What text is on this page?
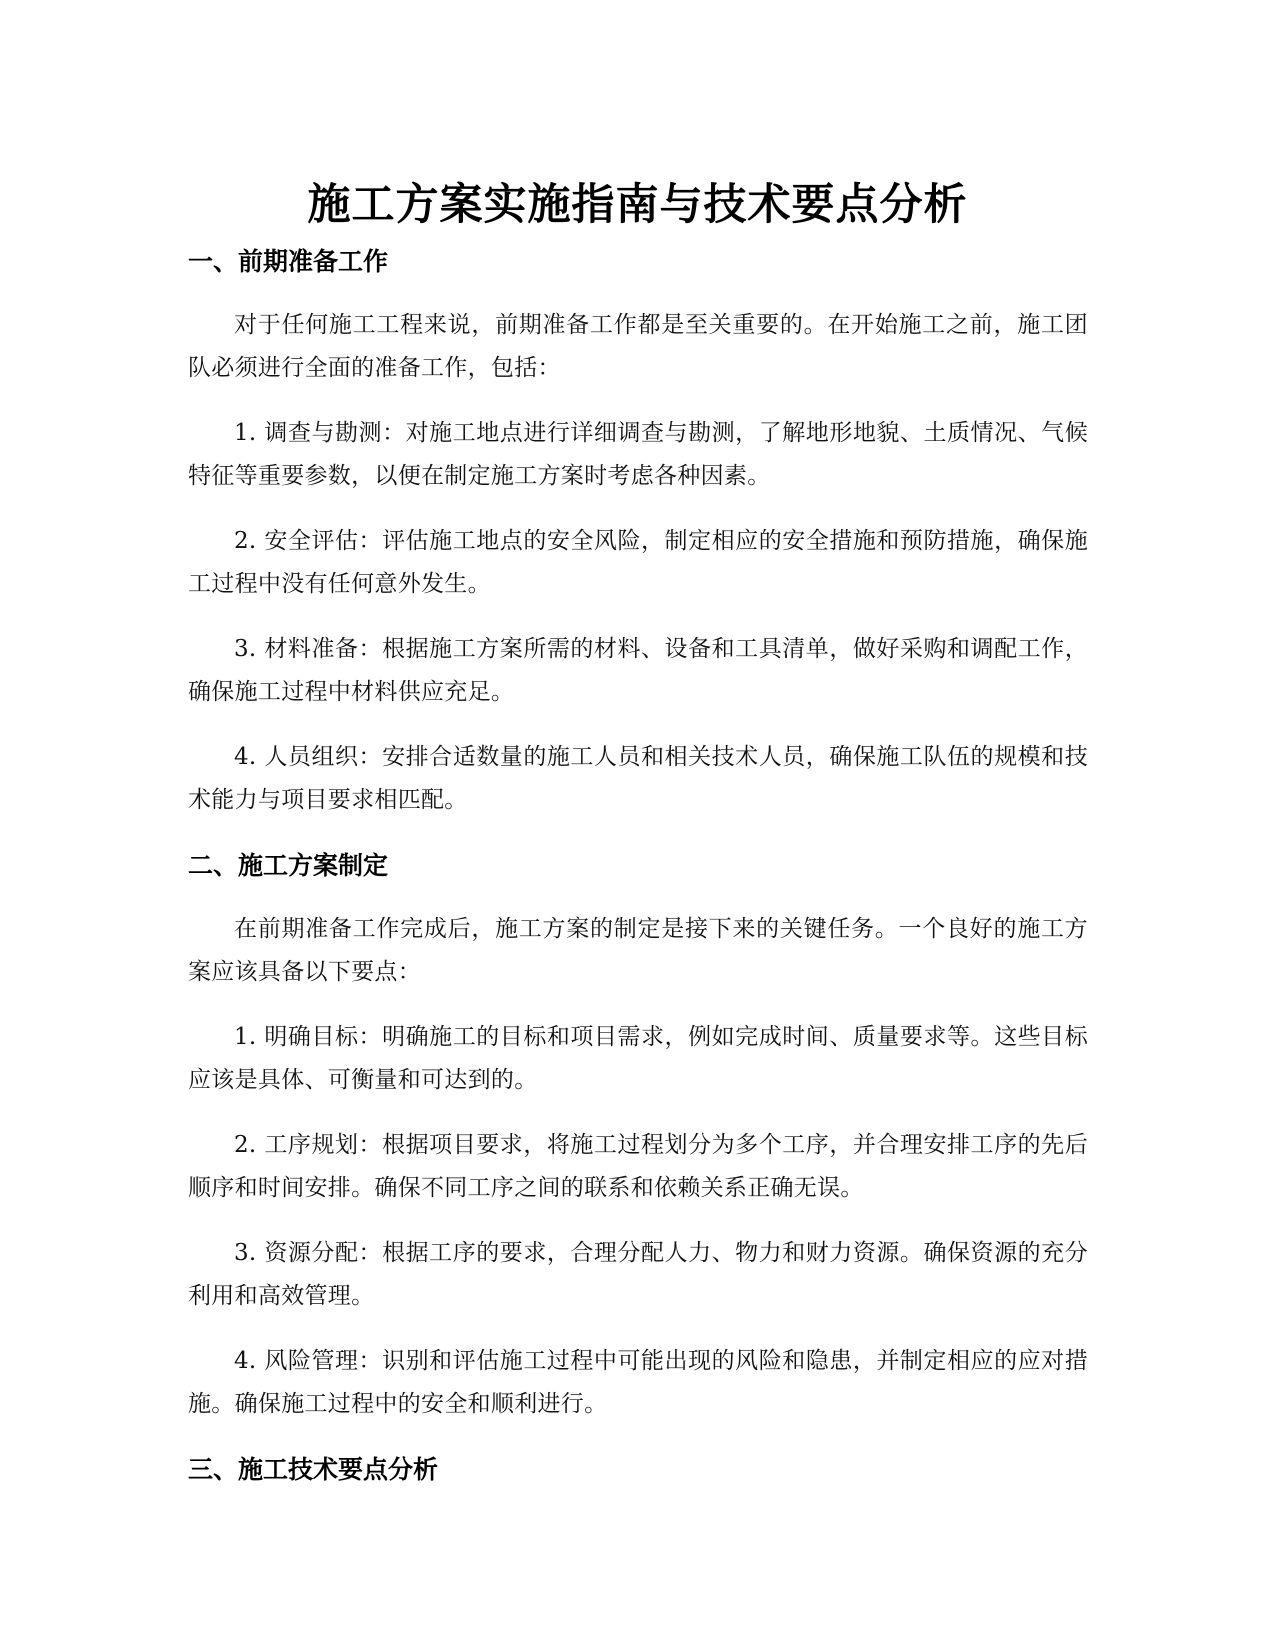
施工方案实施指南与技术要点分析
一、前期准备工作

对于任何施工工程来说，前期准备工作都是至关重要的。在开始施工之前，施工团队必须进行全面的准备工作，包括：

1. 调查与勘测：对施工地点进行详细调查与勘测，了解地形地貌、土质情况、气候特征等重要参数，以便在制定施工方案时考虑各种因素。

2. 安全评估：评估施工地点的安全风险，制定相应的安全措施和预防措施，确保施工过程中没有任何意外发生。

3. 材料准备：根据施工方案所需的材料、设备和工具清单，做好采购和调配工作，确保施工过程中材料供应充足。

4. 人员组织：安排合适数量的施工人员和相关技术人员，确保施工队伍的规模和技术能力与项目要求相匹配。

二、施工方案制定

在前期准备工作完成后，施工方案的制定是接下来的关键任务。一个良好的施工方案应该具备以下要点：

1. 明确目标：明确施工的目标和项目需求，例如完成时间、质量要求等。这些目标应该是具体、可衡量和可达到的。

2. 工序规划：根据项目要求，将施工过程划分为多个工序，并合理安排工序的先后顺序和时间安排。确保不同工序之间的联系和依赖关系正确无误。

3. 资源分配：根据工序的要求，合理分配人力、物力和财力资源。确保资源的充分利用和高效管理。

4. 风险管理：识别和评估施工过程中可能出现的风险和隐患，并制定相应的应对措施。确保施工过程中的安全和顺利进行。

三、施工技术要点分析
